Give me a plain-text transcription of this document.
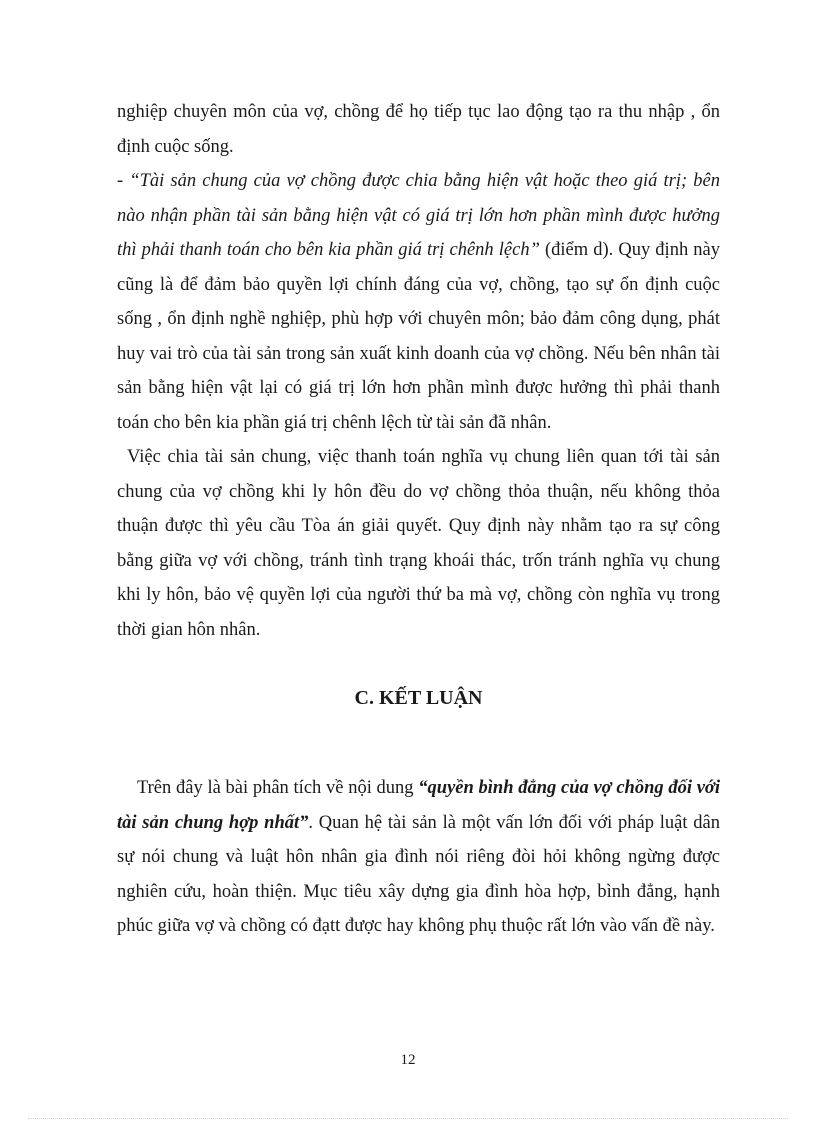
nghiệp chuyên môn của vợ, chồng để họ tiếp tục lao động tạo ra thu nhập , ổn định cuộc sống.

- “Tài sản chung của vợ chồng được chia bằng hiện vật hoặc theo giá trị; bên nào nhận phần tài sản bằng hiện vật có giá trị lớn hơn phần mình được hưởng thì phải thanh toán cho bên kia phần giá trị chênh lệch” (điểm d). Quy định này cũng là để đảm bảo quyền lợi chính đáng của vợ, chồng, tạo sự ổn định cuộc sống , ổn định nghề nghiệp, phù hợp với chuyên môn; bảo đảm công dụng, phát huy vai trò của tài sản trong sản xuất kinh doanh của vợ chồng. Nếu bên nhân tài sản bằng hiện vật lại có giá trị lớn hơn phần mình được hưởng thì phải thanh toán cho bên kia phần giá trị chênh lệch từ tài sản đã nhân.

Việc chia tài sản chung, việc thanh toán nghĩa vụ chung liên quan tới tài sản chung của vợ chồng khi ly hôn đều do vợ chồng thỏa thuận, nếu không thỏa thuận được thì yêu cầu Tòa án giải quyết. Quy định này nhằm tạo ra sự công bằng giữa vợ với chồng, tránh tình trạng khoái thác, trốn tránh nghĩa vụ chung khi ly hôn, bảo vệ quyền lợi của người thứ ba mà vợ, chồng còn nghĩa vụ trong thời gian hôn nhân.

C. KẾT LUẬN

Trên đây là bài phân tích về nội dung “quyền bình đẳng của vợ chồng đối với tài sản chung hợp nhất”. Quan hệ tài sản là một vấn lớn đối với pháp luật dân sự nói chung và luật hôn nhân gia đình nói riêng đòi hỏi không ngừng được nghiên cứu, hoàn thiện. Mục tiêu xây dựng gia đình hòa hợp, bình đẳng, hạnh phúc giữa vợ và chồng có đạtt được hay không phụ thuộc rất lớn vào vấn đề này.

12
